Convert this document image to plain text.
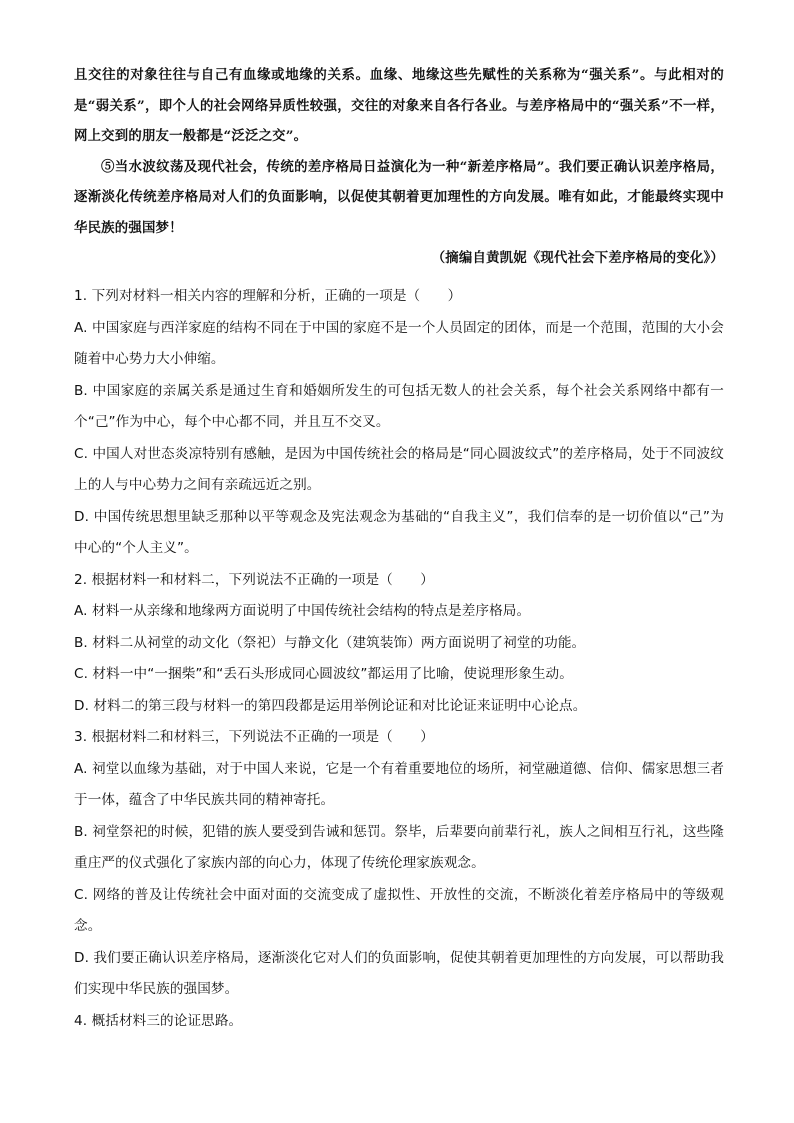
且交往的对象往往与自己有血缘或地缘的关系。血缘、地缘这些先赋性的关系称为“强关系”。与此相对的是“弱关系”，即个人的社会网络异质性较强，交往的对象来自各行各业。与差序格局中的“强关系”不一样，网上交到的朋友一般都是“泛泛之交”。

⑤当水波纹荡及现代社会，传统的差序格局日益演化为一种“新差序格局”。我们要正确认识差序格局，逐渐淡化传统差序格局对人们的负面影响，以促使其朝着更加理性的方向发展。唯有如此，才能最终实现中华民族的强国梦！

（摘编自黄凯妮《现代社会下差序格局的变化》）

1. 下列对材料一相关内容的理解和分析，正确的一项是（　　）

A. 中国家庭与西洋家庭的结构不同在于中国的家庭不是一个人员固定的团体，而是一个范围，范围的大小会随着中心势力大小伸缩。

B. 中国家庭的亲属关系是通过生育和婚姻所发生的可包括无数人的社会关系，每个社会关系网络中都有一个“己”作为中心，每个中心都不同，并且互不交叉。

C. 中国人对世态炎凉特别有感触，是因为中国传统社会的格局是“同心圆波纹式”的差序格局，处于不同波纹上的人与中心势力之间有亲疏远近之别。

D. 中国传统思想里缺乏那种以平等观念及宪法观念为基础的“自我主义”，我们信奉的是一切价值以“己”为中心的“个人主义”。

2. 根据材料一和材料二，下列说法不正确的一项是（　　）

A. 材料一从亲缘和地缘两方面说明了中国传统社会结构的特点是差序格局。

B. 材料二从祠堂的动文化（祭祀）与静文化（建筑装饰）两方面说明了祠堂的功能。

C. 材料一中“一捆柴”和“丢石头形成同心圆波纹”都运用了比喻，使说理形象生动。

D. 材料二的第三段与材料一的第四段都是运用举例论证和对比论证来证明中心论点。

3. 根据材料二和材料三，下列说法不正确的一项是（　　）

A. 祠堂以血缘为基础，对于中国人来说，它是一个有着重要地位的场所，祠堂融道德、信仰、儒家思想三者于一体，蕴含了中华民族共同的精神寄托。

B. 祠堂祭祀的时候，犯错的族人要受到告诫和惩罚。祭毕，后辈要向前辈行礼，族人之间相互行礼，这些隆重庄严的仪式强化了家族内部的向心力，体现了传统伦理家族观念。

C. 网络的普及让传统社会中面对面的交流变成了虚拟性、开放性的交流，不断淡化着差序格局中的等级观念。

D. 我们要正确认识差序格局，逐渐淡化它对人们的负面影响，促使其朝着更加理性的方向发展，可以帮助我们实现中华民族的强国梦。

4. 概括材料三的论证思路。
